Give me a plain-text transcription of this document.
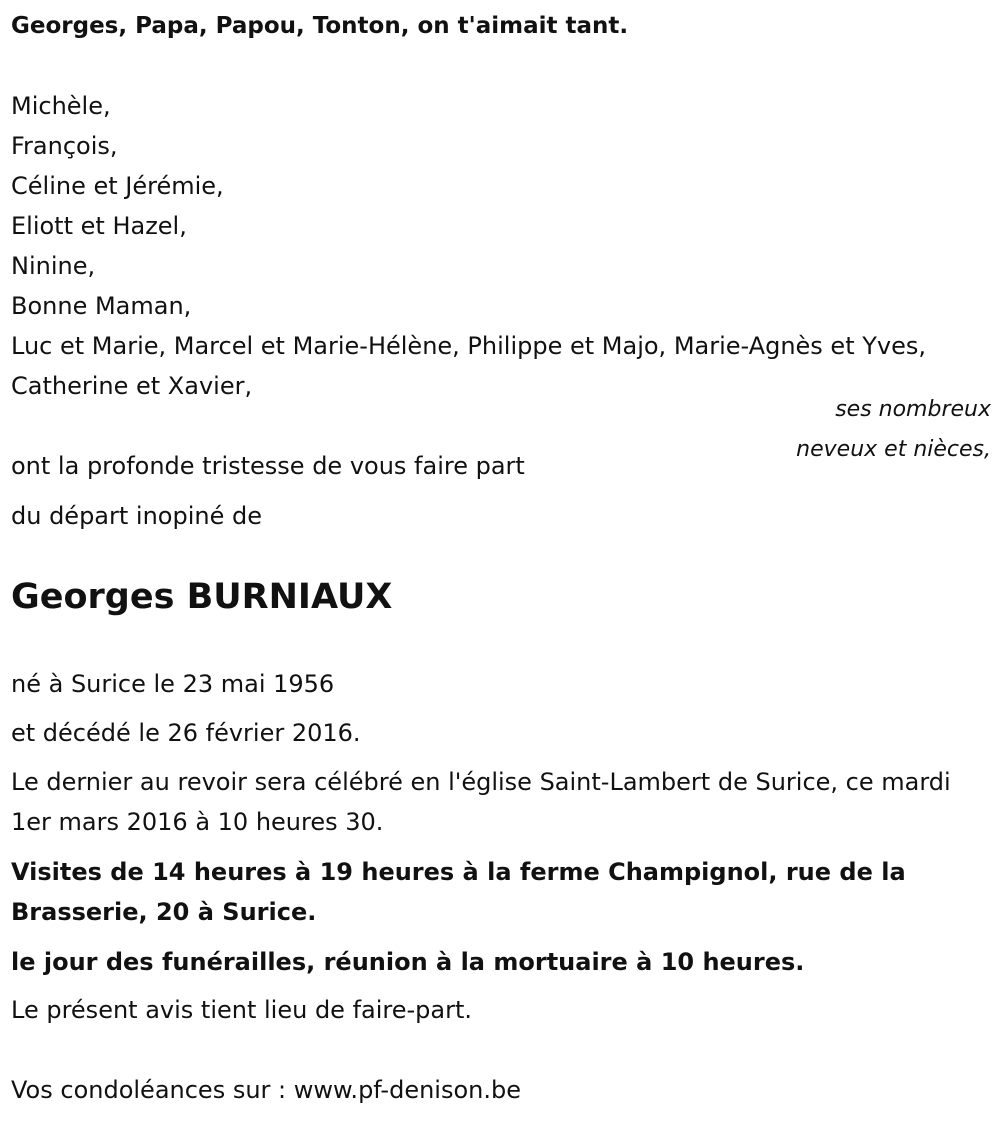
Georges, Papa, Papou, Tonton, on t'aimait tant.
Michèle,
François,
Céline et Jérémie,
Eliott et Hazel,
Ninine,
Bonne Maman,
Luc et Marie, Marcel et Marie-Hélène, Philippe et Majo, Marie-Agnès et Yves, Catherine et Xavier,
ses nombreux
neveux et nièces,
ont la profonde tristesse de vous faire part
du départ inopiné de
Georges BURNIAUX
né à Surice le 23 mai 1956
et décédé le 26 février 2016.
Le dernier au revoir sera célébré en l'église Saint-Lambert de Surice, ce mardi 1er mars 2016 à 10 heures 30.
Visites de 14 heures à 19 heures à la ferme Champignol, rue de la Brasserie, 20 à Surice.
le jour des funérailles, réunion à la mortuaire à 10 heures.
Le présent avis tient lieu de faire-part.
Vos condoléances sur : www.pf-denison.be
